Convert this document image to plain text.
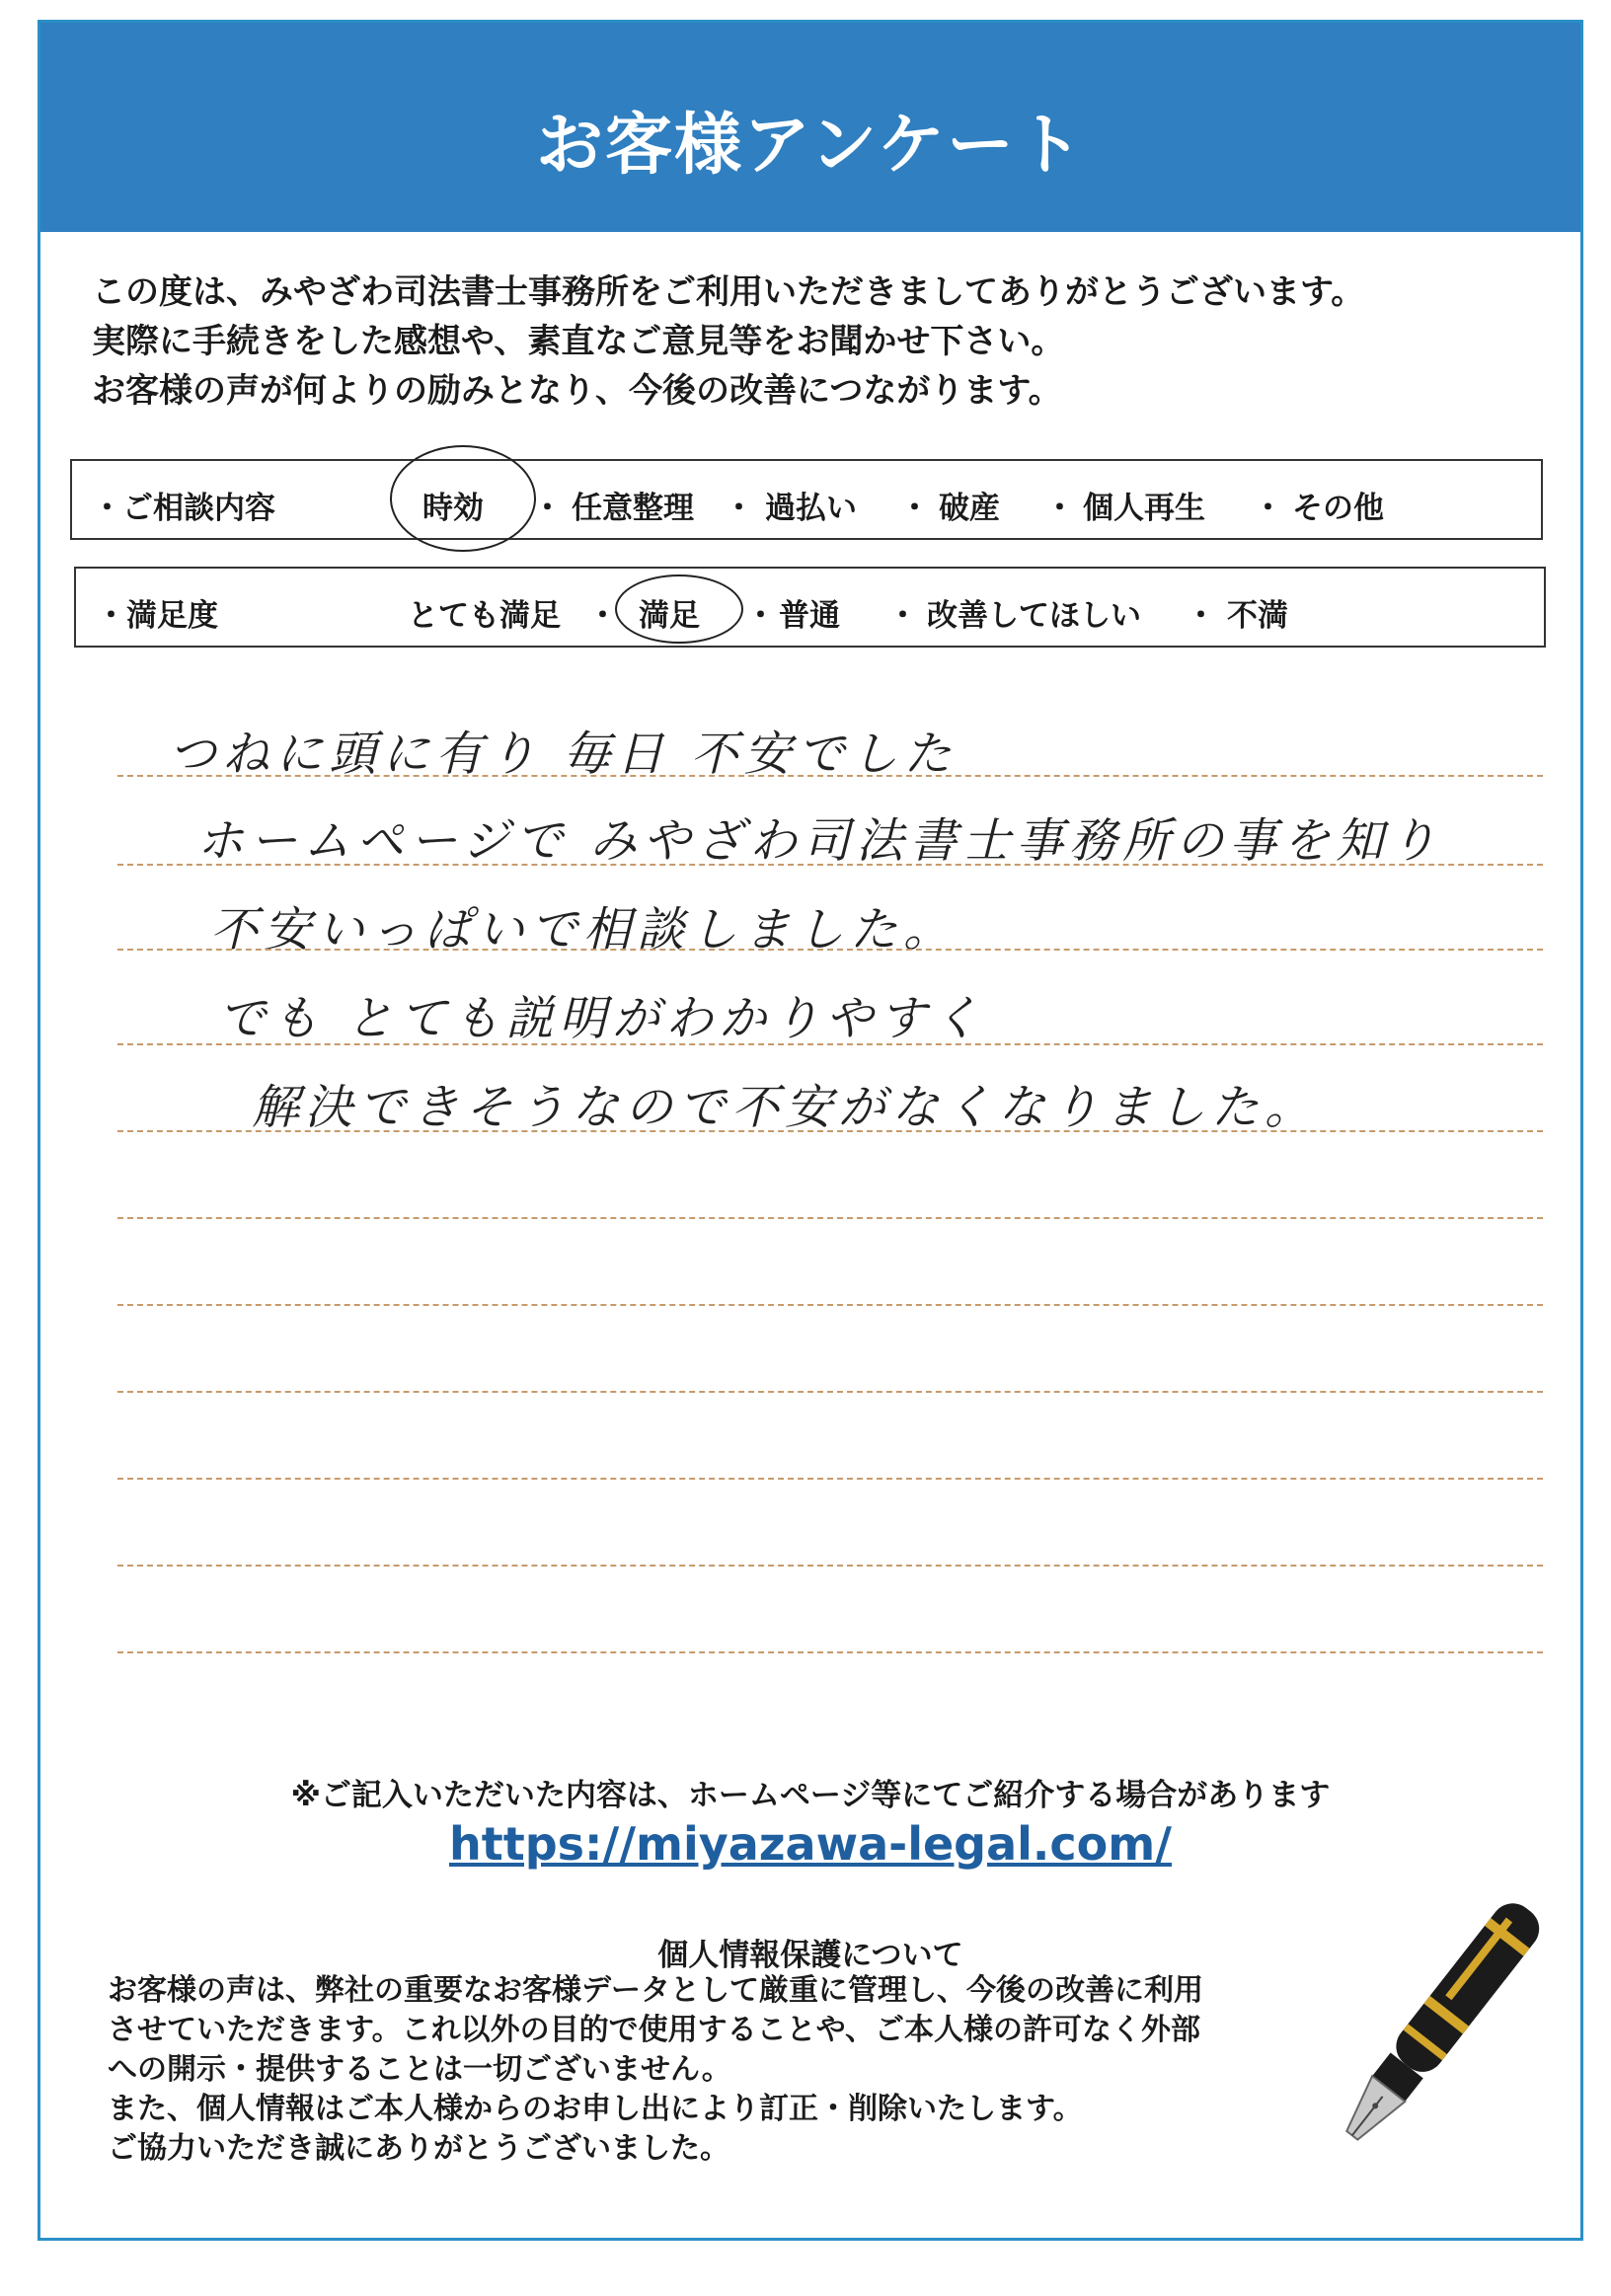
お客様アンケート
この度は、みやざわ司法書士事務所をご利用いただきましてありがとうございます。
実際に手続きをした感想や、素直なご意見等をお聞かせ下さい。
お客様の声が何よりの励みとなり、今後の改善につながります。
・ご相談内容	時効 ・ 任意整理 ・ 過払い ・ 破産 ・ 個人再生 ・ その他
・満足度	とても満足 ・ 満足 ・ 普通 ・ 改善してほしい ・ 不満
つねに頭に有り 毎日 不安でした
ホームページで みやざわ司法書士事務所の事を知り
不安いっぱいで相談しました。
でも とても説明がわかりやすく
解決できそうなので不安がなくなりました。
※ご記入いただいた内容は、ホームページ等にてご紹介する場合があります
https://miyazawa-legal.com/
個人情報保護について
お客様の声は、弊社の重要なお客様データとして厳重に管理し、今後の改善に利用
させていただきます。これ以外の目的で使用することや、ご本人様の許可なく外部
への開示・提供することは一切ございません。
また、個人情報はご本人様からのお申し出により訂正・削除いたします。
ご協力いただき誠にありがとうございました。
